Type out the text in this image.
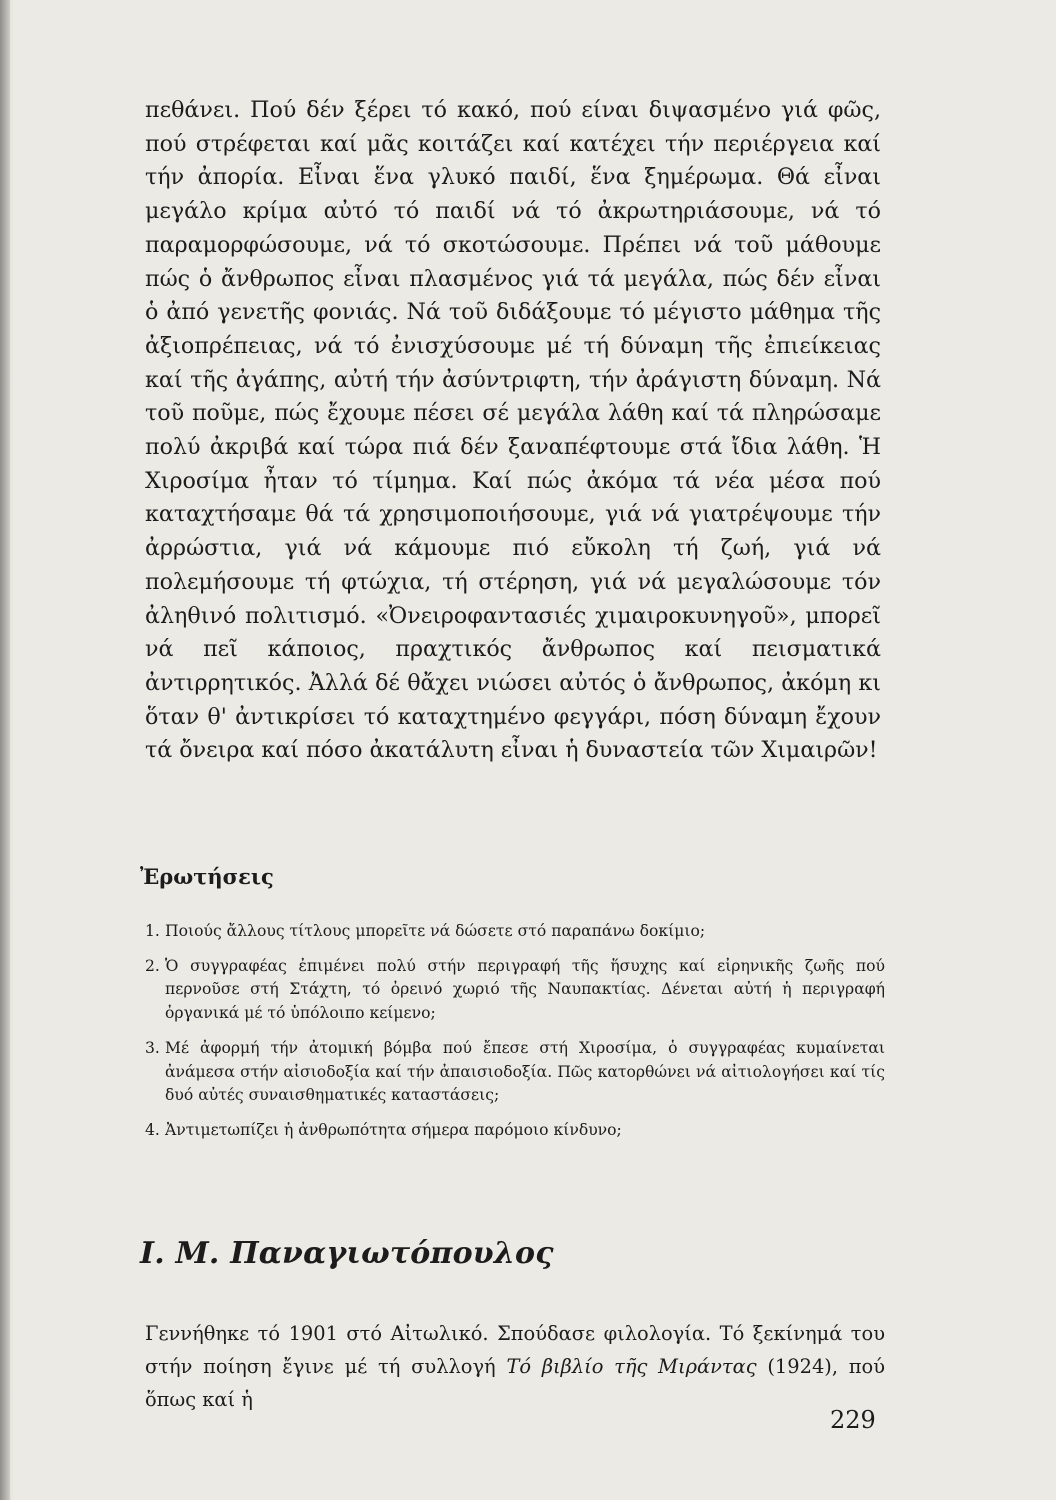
πεθάνει. Πού δέν ξέρει τό κακό, πού είναι διψασμένο γιά φῶς, πού στρέφεται καί μᾶς κοιτάζει καί κατέχει τήν περιέργεια καί τήν ἀπορία. Εἶναι ἕνα γλυκό παιδί, ἕνα ξημέρωμα. Θά εἶναι μεγάλο κρίμα αὐτό τό παιδί νά τό ἀκρωτηριάσουμε, νά τό παραμορφώσουμε, νά τό σκοτώσουμε. Πρέπει νά τοῦ μάθουμε πώς ὁ ἄνθρωπος εἶναι πλασμένος γιά τά μεγάλα, πώς δέν εἶναι ὁ ἀπό γενετῆς φονιάς. Νά τοῦ διδάξουμε τό μέγιστο μάθημα τῆς ἀξιοπρέπειας, νά τό ἐνισχύσουμε μέ τή δύναμη τῆς ἐπιείκειας καί τῆς ἀγάπης, αὐτή τήν ἀσύντριφτη, τήν ἀράγιστη δύναμη. Νά τοῦ ποῦμε, πώς ἔχουμε πέσει σέ μεγάλα λάθη καί τά πληρώσαμε πολύ ἀκριβά καί τώρα πιά δέν ξαναπέφτουμε στά ἴδια λάθη. Ἡ Χιροσίμα ἦταν τό τίμημα. Καί πώς ἀκόμα τά νέα μέσα πού καταχτήσαμε θά τά χρησιμοποιήσουμε, γιά νά γιατρέψουμε τήν ἀρρώστια, γιά νά κάμουμε πιό εὔκολη τή ζωή, γιά νά πολεμήσουμε τή φτώχια, τή στέρηση, γιά νά μεγαλώσουμε τόν ἀληθινό πολιτισμό. «Ὀνειροφαντασιές χιμαιροκυνηγοῦ», μπορεῖ νά πεῖ κάποιος, πραχτικός ἄνθρωπος καί πεισματικά ἀντιρρητικός. Ἀλλά δέ θἄχει νιώσει αὐτός ὁ ἄνθρωπος, ἀκόμη κι ὅταν θ' ἀντικρίσει τό καταχτημένο φεγγάρι, πόση δύναμη ἔχουν τά ὄνειρα καί πόσο ἀκατάλυτη εἶναι ἡ δυναστεία τῶν Χιμαιρῶν!

Ἐρωτήσεις
1. Ποιούς ἄλλους τίτλους μπορεῖτε νά δώσετε στό παραπάνω δοκίμιο;
2. Ὁ συγγραφέας ἐπιμένει πολύ στήν περιγραφή τῆς ἥσυχης καί εἰρηνικῆς ζωῆς πού περνοῦσε στή Στάχτη, τό ὀρεινό χωριό τῆς Ναυπακτίας. Δένεται αὐτή ἡ περιγραφή ὀργανικά μέ τό ὑπόλοιπο κείμενο;
3. Μέ ἀφορμή τήν ἀτομική βόμβα πού ἔπεσε στή Χιροσίμα, ὁ συγγραφέας κυμαίνεται ἀνάμεσα στήν αἰσιοδοξία καί τήν ἀπαισιοδοξία. Πῶς κατορθώνει νά αἰτιολογήσει καί τίς δυό αὐτές συναισθηματικές καταστάσεις;
4. Ἀντιμετωπίζει ἡ ἀνθρωπότητα σήμερα παρόμοιο κίνδυνο;
Ι. Μ. Παναγιωτόπουλος

Γεννήθηκε τό 1901 στό Αἰτωλικό. Σπούδασε φιλολογία. Τό ξεκίνημά του στήν ποίηση ἔγινε μέ τή συλλογή Τό βιβλίο τῆς Μιράντας (1924), πού ὅπως καί ἡ

229
